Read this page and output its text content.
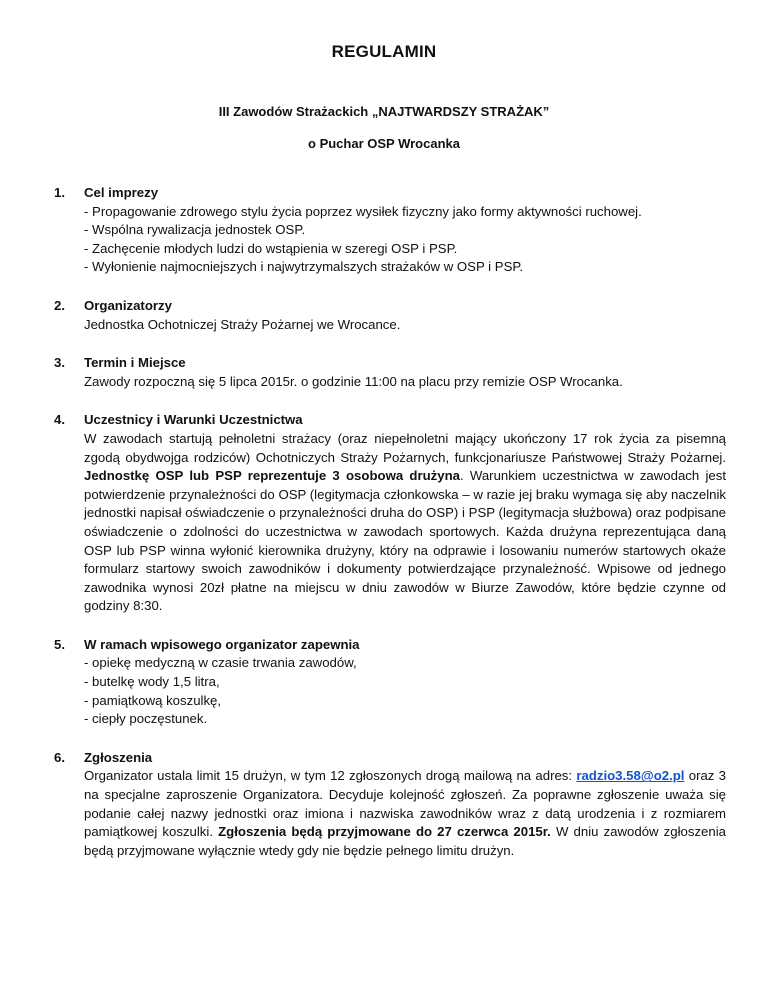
REGULAMIN
III Zawodów Strażackich „NAJTWARDSZY STRAŻAK”
o Puchar OSP Wrocanka
1. Cel imprezy
- Propagowanie zdrowego stylu życia poprzez wysiłek fizyczny jako formy aktywności ruchowej.
- Wspólna rywalizacja jednostek OSP.
- Zachęcenie młodych ludzi do wstąpienia w szeregi OSP i PSP.
- Wyłonienie najmocniejszych i najwytrzymalszych strażaków w OSP i PSP.
2. Organizatorzy
Jednostka Ochotniczej Straży Pożarnej we Wrocance.
3. Termin i Miejsce
Zawody rozpoczną się 5 lipca 2015r. o godzinie 11:00 na placu przy remizie OSP Wrocanka.
4. Uczestnicy i Warunki Uczestnictwa
W zawodach startują pełnoletni strażacy (oraz niepełnoletni mający ukończony 17 rok życia za pisemną zgodą obydwojga rodziców) Ochotniczych Straży Pożarnych, funkcjonariusze Państwowej Straży Pożarnej. Jednostkę OSP lub PSP reprezentuje 3 osobowa drużyna. Warunkiem uczestnictwa w zawodach jest potwierdzenie przynależności do OSP (legitymacja członkowska – w razie jej braku wymaga się aby naczelnik jednostki napisał oświadczenie o przynależności druha do OSP) i PSP (legitymacja służbowa) oraz podpisane oświadczenie o zdolności do uczestnictwa w zawodach sportowych. Każda drużyna reprezentująca daną OSP lub PSP winna wyłonić kierownika drużyny, który na odprawie i losowaniu numerów startowych okaże formularz startowy swoich zawodników i dokumenty potwierdzające przynależność. Wpisowe od jednego zawodnika wynosi 20zł płatne na miejscu w dniu zawodów w Biurze Zawodów, które będzie czynne od godziny 8:30.
5. W ramach wpisowego organizator zapewnia
- opiekę medyczną w czasie trwania zawodów,
- butelkę wody 1,5 litra,
- pamiątkową koszulkę,
- ciepły poczęstunek.
6. Zgłoszenia
Organizator ustala limit 15 drużyn, w tym 12 zgłoszonych drogą mailową na adres: radzio3.58@o2.pl oraz 3 na specjalne zaproszenie Organizatora. Decyduje kolejność zgłoszeń. Za poprawne zgłoszenie uważa się podanie całej nazwy jednostki oraz imiona i nazwiska zawodników wraz z datą urodzenia i z rozmiarem pamiątkowej koszulki. Zgłoszenia będą przyjmowane do 27 czerwca 2015r. W dniu zawodów zgłoszenia będą przyjmowane wyłącznie wtedy gdy nie będzie pełnego limitu drużyn.
